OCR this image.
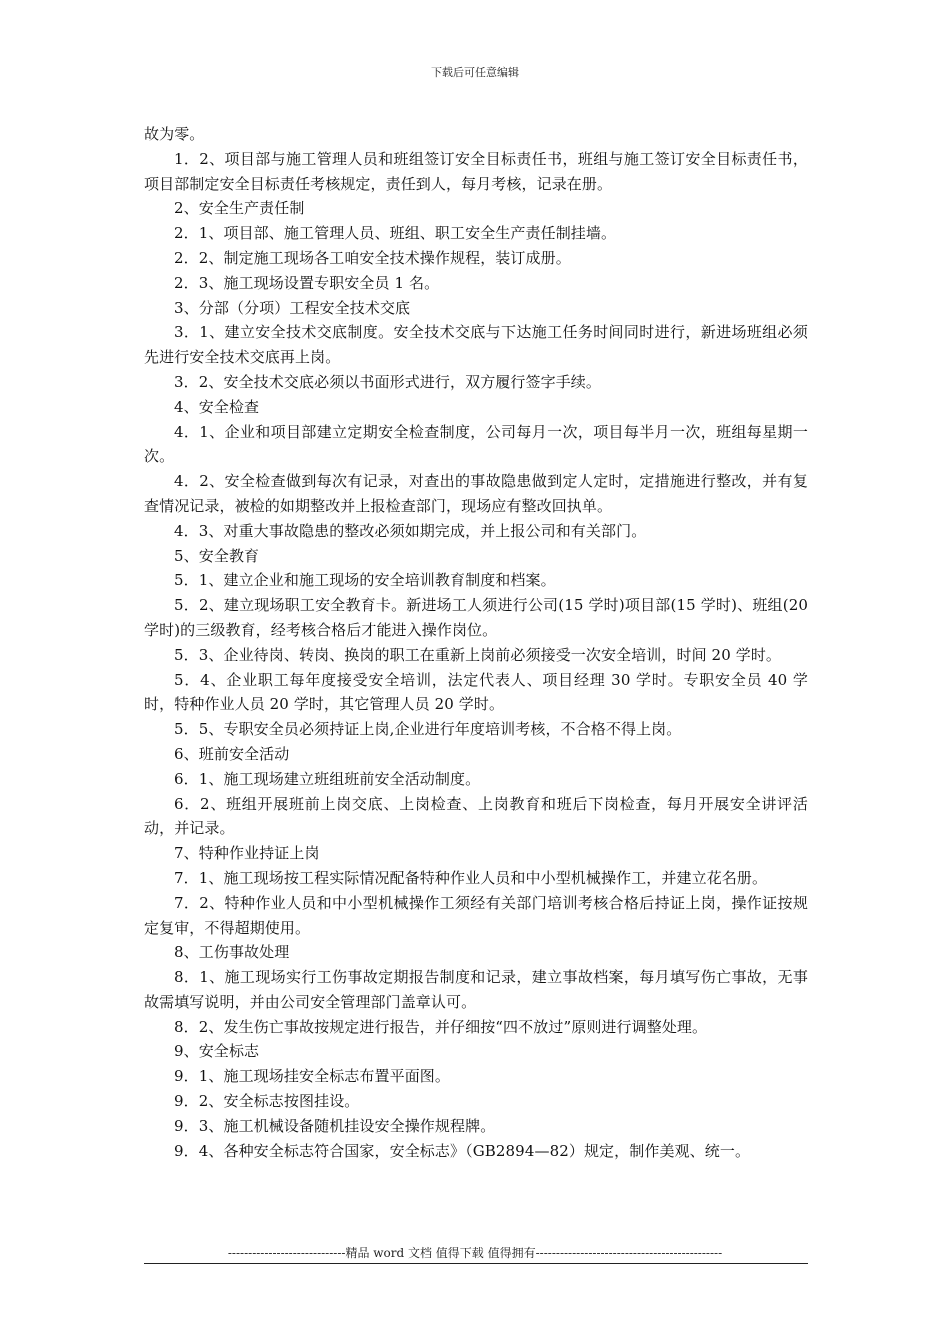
下载后可任意编辑

故为零。

1．2、项目部与施工管理人员和班组签订安全目标责任书，班组与施工签订安全目标责任书，项目部制定安全目标责任考核规定，责任到人，每月考核，记录在册。

2、安全生产责任制

2．1、项目部、施工管理人员、班组、职工安全生产责任制挂墙。

2．2、制定施工现场各工咱安全技术操作规程，装订成册。

2．3、施工现场设置专职安全员 1 名。

3、分部（分项）工程安全技术交底

3．1、建立安全技术交底制度。安全技术交底与下达施工任务时间同时进行，新进场班组必须先进行安全技术交底再上岗。

3．2、安全技术交底必须以书面形式进行，双方履行签字手续。

4、安全检查

4．1、企业和项目部建立定期安全检查制度，公司每月一次，项目每半月一次，班组每星期一次。

4．2、安全检查做到每次有记录，对查出的事故隐患做到定人定时，定措施进行整改，并有复查情况记录，被检的如期整改并上报检查部门，现场应有整改回执单。

4．3、对重大事故隐患的整改必须如期完成，并上报公司和有关部门。

5、安全教育

5．1、建立企业和施工现场的安全培训教育制度和档案。

5．2、建立现场职工安全教育卡。新进场工人须进行公司(15 学时)项目部(15 学时)、班组(20 学时)的三级教育，经考核合格后才能进入操作岗位。

5．3、企业待岗、转岗、换岗的职工在重新上岗前必须接受一次安全培训，时间 20 学时。

5．4、企业职工每年度接受安全培训，法定代表人、项目经理 30 学时。专职安全员 40 学时，特种作业人员 20 学时，其它管理人员 20 学时。

5．5、专职安全员必须持证上岗,企业进行年度培训考核，不合格不得上岗。

6、班前安全活动

6．1、施工现场建立班组班前安全活动制度。

6．2、班组开展班前上岗交底、上岗检查、上岗教育和班后下岗检查，每月开展安全讲评活动，并记录。

7、特种作业持证上岗

7．1、施工现场按工程实际情况配备特种作业人员和中小型机械操作工，并建立花名册。

7．2、特种作业人员和中小型机械操作工须经有关部门培训考核合格后持证上岗，操作证按规定复审，不得超期使用。

8、工伤事故处理

8．1、施工现场实行工伤事故定期报告制度和记录，建立事故档案，每月填写伤亡事故，无事故需填写说明，并由公司安全管理部门盖章认可。

8．2、发生伤亡事故按规定进行报告，并仔细按“四不放过”原则进行调整处理。

9、安全标志

9．1、施工现场挂安全标志布置平面图。

9．2、安全标志按图挂设。

9．3、施工机械设备随机挂设安全操作规程牌。

9．4、各种安全标志符合国家，安全标志》（GB2894—82）规定，制作美观、统一。

-----------------------------精品 word 文档 值得下载 值得拥有----------------------------------------------
